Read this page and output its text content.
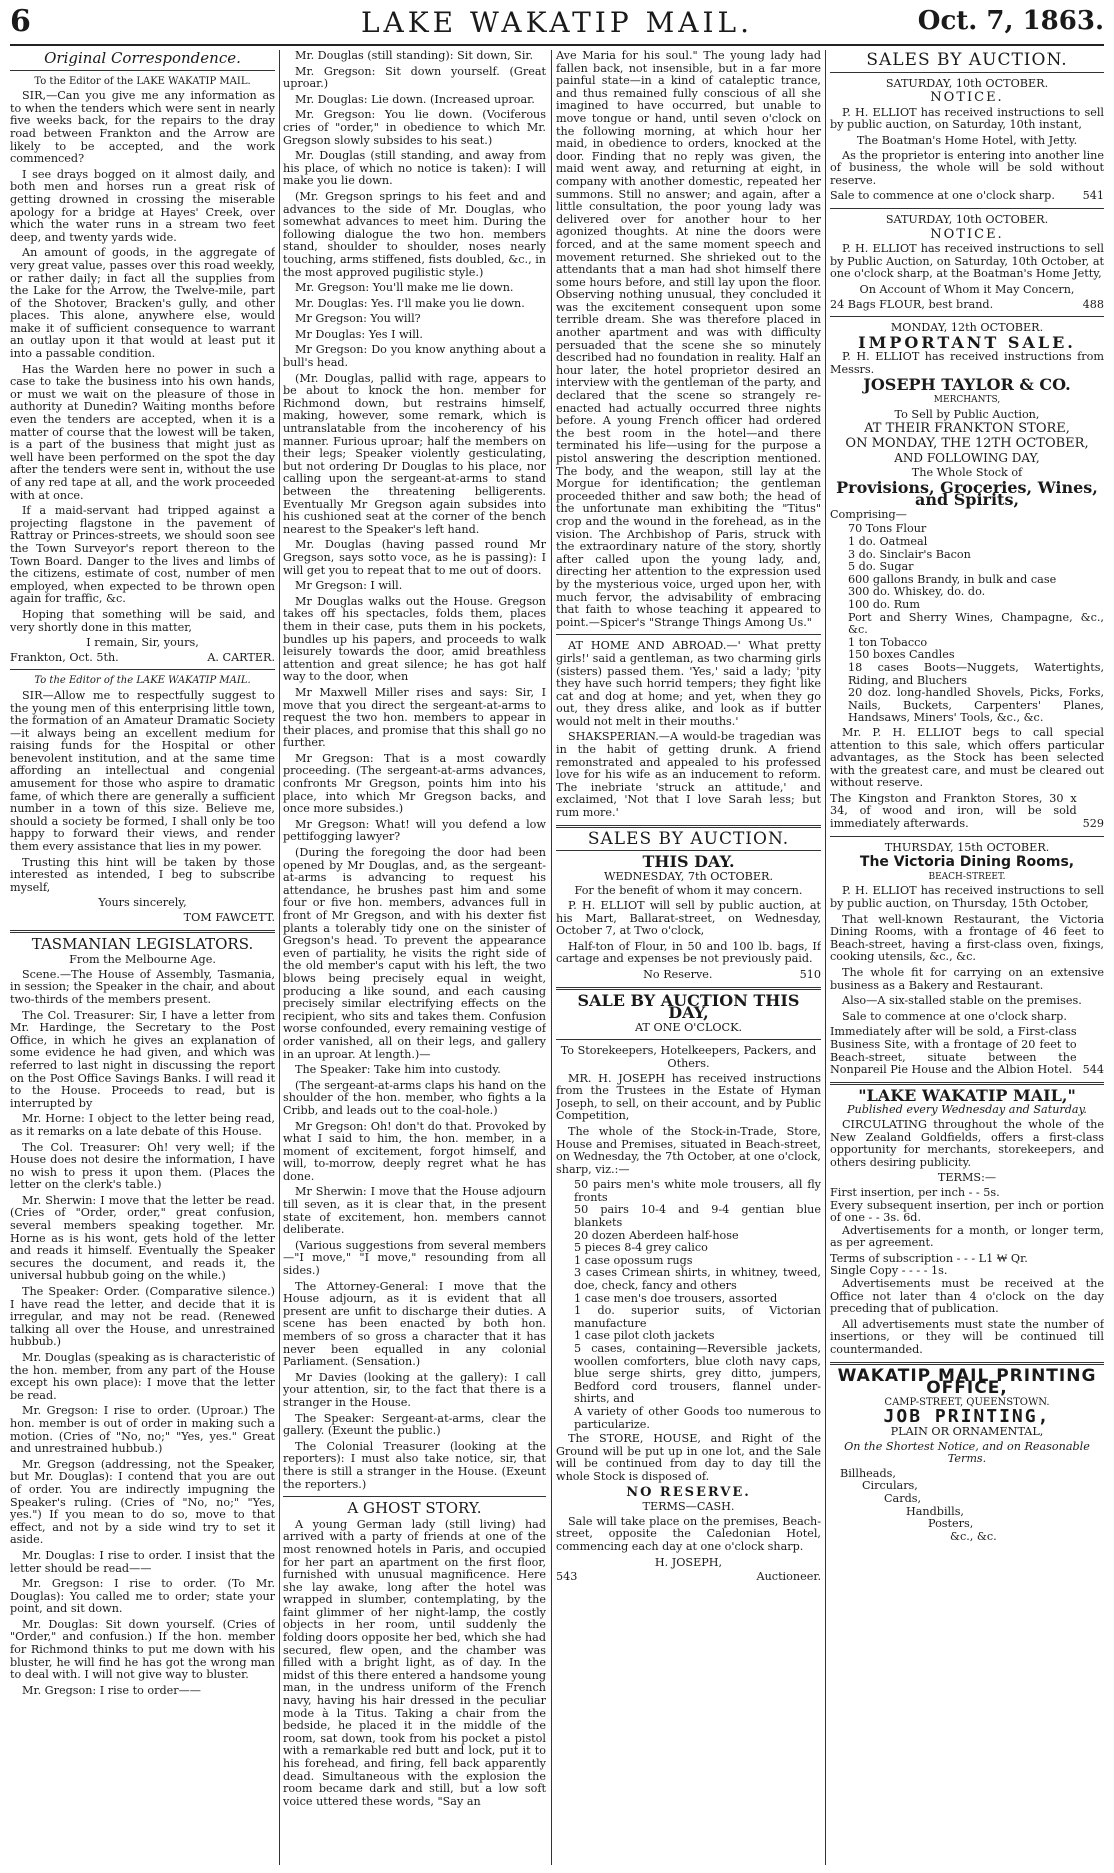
6	LAKE WAKATIP MAIL.	Oct. 7, 1863.
Original Correspondence.
To the Editor of the LAKE WAKATIP MAIL.

SIR,—Can you give me any information as to when the tenders which were sent in nearly five weeks back, for the repairs to the dray road between Frankton and the Arrow are likely to be accepted, and the work commenced?

I see drays bogged on it almost daily, and both men and horses run a great risk of getting drowned in crossing the miserable apology for a bridge at Hayes' Creek, over which the water runs in a stream two feet deep, and twenty yards wide.

An amount of goods, in the aggregate of very great value, passes over this road weekly, or rather daily; in fact all the supplies from the Lake for the Arrow, the Twelve-mile, part of the Shotover, Bracken's gully, and other places. This alone, anywhere else, would make it of sufficient consequence to warrant an outlay upon it that would at least put it into a passable condition.

Has the Warden here no power in such a case to take the business into his own hands, or must we wait on the pleasure of those in authority at Dunedin? Waiting months before even the tenders are accepted, when it is a matter of course that the lowest will be taken, is a part of the business that might just as well have been performed on the spot the day after the tenders were sent in, without the use of any red tape at all, and the work proceeded with at once.

If a maid-servant had tripped against a projecting flagstone in the pavement of Rattray or Princes-streets, we should soon see the Town Surveyor's report thereon to the Town Board. Danger to the lives and limbs of the citizens, estimate of cost, number of men employed, when expected to be thrown open again for traffic, &c.

Hoping that something will be said, and very shortly done in this matter,

I remain, Sir, yours,
Frankton, Oct. 5th.	A. CARTER.
To the Editor of the LAKE WAKATIP MAIL.

SIR—Allow me to respectfully suggest to the young men of this enterprising little town, the formation of an Amateur Dramatic Society—it always being an excellent medium for raising funds for the Hospital or other benevolent institution, and at the same time affording an intellectual and congenial amusement for those who aspire to dramatic fame, of which there are generally a sufficient number in a town of this size. Believe me, should a society be formed, I shall only be too happy to forward their views, and render them every assistance that lies in my power.

Trusting this hint will be taken by those interested as intended, I beg to subscribe myself,

Yours sincerely,
TOM FAWCETT.
TASMANIAN LEGISLATORS.
From the Melbourne Age.

Scene.—The House of Assembly, Tasmania, in session; the Speaker in the chair, and about two-thirds of the members present.

The Col. Treasurer: Sir, I have a letter from Mr. Hardinge, the Secretary to the Post Office, in which he gives an explanation of some evidence he had given, and which was referred to last night in discussing the report on the Post Office Savings Banks. I will read it to the House. Proceeds to read, but is interrupted by

Mr. Horne: I object to the letter being read, as it remarks on a late debate of this House.

The Col. Treasurer: Oh! very well; if the House does not desire the information, I have no wish to press it upon them. (Places the letter on the clerk's table.)

Mr. Sherwin: I move that the letter be read. (Cries of "Order, order," great confusion, several members speaking together. Mr. Horne as is his wont, gets hold of the letter and reads it himself. Eventually the Speaker secures the document, and reads it, the universal hubbub going on the while.)

The Speaker: Order. (Comparative silence.) I have read the letter, and decide that it is irregular, and may not be read. (Renewed talking all over the House, and unrestrained hubbub.)

Mr. Douglas (speaking as is characteristic of the hon. member, from any part of the House except his own place): I move that the letter be read.

Mr. Gregson: I rise to order. (Uproar.) The hon. member is out of order in making such a motion. (Cries of "No, no;" "Yes, yes." Great and unrestrained hubbub.)

Mr. Gregson (addressing, not the Speaker, but Mr. Douglas): I contend that you are out of order. You are indirectly impugning the Speaker's ruling. (Cries of "No, no;" "Yes, yes.") If you mean to do so, move to that effect, and not by a side wind try to set it aside.

Mr. Douglas: I rise to order. I insist that the letter should be read——

Mr. Gregson: I rise to order. (To Mr. Douglas): You called me to order; state your point, and sit down.

Mr. Douglas: Sit down yourself. (Cries of "Order," and confusion.) If the hon. member for Richmond thinks to put me down with his bluster, he will find he has got the wrong man to deal with. I will not give way to bluster.

Mr. Gregson: I rise to order——

Mr. Douglas (still standing): Sit down, Sir.

Mr. Gregson: Sit down yourself. (Great uproar.)

Mr. Douglas: Lie down. (Increased uproar.

Mr. Gregson: You lie down. (Vociferous cries of "order," in obedience to which Mr. Gregson slowly subsides to his seat.)

Mr. Douglas (still standing, and away from his place, of which no notice is taken): I will make you lie down.

(Mr. Gregson springs to his feet and and advances to the side of Mr. Douglas, who somewhat advances to meet him. During the following dialogue the two hon. members stand, shoulder to shoulder, noses nearly touching, arms stiffened, fists doubled, &c., in the most approved pugilistic style.)

Mr. Gregson: You'll make me lie down.

Mr. Douglas: Yes. I'll make you lie down.

Mr Gregson: You will?

Mr Douglas: Yes I will.

Mr Gregson: Do you know anything about a bull's head.

(Mr. Douglas, pallid with rage, appears to be about to knock the hon. member for Richmond down, but restrains himself, making, however, some remark, which is untranslatable from the incoherency of his manner. Furious uproar; half the members on their legs; Speaker violently gesticulating, but not ordering Dr Douglas to his place, nor calling upon the sergeant-at-arms to stand between the threatening belligerents. Eventually Mr Gregson again subsides into his cushioned seat at the corner of the bench nearest to the Speaker's left hand.

Mr. Douglas (having passed round Mr Gregson, says sotto voce, as he is passing): I will get you to repeat that to me out of doors.

Mr Gregson: I will.

Mr Douglas walks out the House. Gregson takes off his spectacles, folds them, places them in their case, puts them in his pockets, bundles up his papers, and proceeds to walk leisurely towards the door, amid breathless attention and great silence; he has got half way to the door, when

Mr Maxwell Miller rises and says: Sir, I move that you direct the sergeant-at-arms to request the two hon. members to appear in their places, and promise that this shall go no further.

Mr Gregson: That is a most cowardly proceeding. (The sergeant-at-arms advances, confronts Mr Gregson, points him into his place, into which Mr Gregson backs, and once more subsides.)

Mr Gregson: What! will you defend a low pettifogging lawyer?

(During the foregoing the door had been opened by Mr Douglas, and, as the sergeant-at-arms is advancing to request his attendance, he brushes past him and some four or five hon. members, advances full in front of Mr Gregson, and with his dexter fist plants a tolerably tidy one on the sinister of Gregson's head. To prevent the appearance even of partiality, he visits the right side of the old member's caput with his left, the two blows being precisely equal in weight, producing a like sound, and each causing precisely similar electrifying effects on the recipient, who sits and takes them. Confusion worse confounded, every remaining vestige of order vanished, all on their legs, and gallery in an uproar. At length.)—

The Speaker: Take him into custody.

(The sergeant-at-arms claps his hand on the shoulder of the hon. member, who fights a la Cribb, and leads out to the coal-hole.)

Mr Gregson: Oh! don't do that. Provoked by what I said to him, the hon. member, in a moment of excitement, forgot himself, and will, to-morrow, deeply regret what he has done.

Mr Sherwin: I move that the House adjourn till seven, as it is clear that, in the present state of excitement, hon. members cannot deliberate.

(Various suggestions from several members—"I move," "I move," resounding from all sides.)

The Attorney-General: I move that the House adjourn, as it is evident that all present are unfit to discharge their duties. A scene has been enacted by both hon. members of so gross a character that it has never been equalled in any colonial Parliament. (Sensation.)

Mr Davies (looking at the gallery): I call your attention, sir, to the fact that there is a stranger in the House.

The Speaker: Sergeant-at-arms, clear the gallery. (Exeunt the public.)

The Colonial Treasurer (looking at the reporters): I must also take notice, sir, that there is still a stranger in the House. (Exeunt the reporters.)

A GHOST STORY.

A young German lady (still living) had arrived with a party of friends at one of the most renowned hotels in Paris, and occupied for her part an apartment on the first floor, furnished with unusual magnificence. Here she lay awake, long after the hotel was wrapped in slumber, contemplating, by the faint glimmer of her night-lamp, the costly objects in her room, until suddenly the folding doors opposite her bed, which she had secured, flew open, and the chamber was filled with a bright light, as of day. In the midst of this there entered a handsome young man, in the undress uniform of the French navy, having his hair dressed in the peculiar mode à la Titus. Taking a chair from the bedside, he placed it in the middle of the room, sat down, took from his pocket a pistol with a remarkable red butt and lock, put it to his forehead, and firing, fell back apparently dead. Simultaneous with the explosion the room became dark and still, but a low soft voice uttered these words, "Say an

Ave Maria for his soul." The young lady had fallen back, not insensible, but in a far more painful state—in a kind of cataleptic trance, and thus remained fully conscious of all she imagined to have occurred, but unable to move tongue or hand, until seven o'clock on the following morning, at which hour her maid, in obedience to orders, knocked at the door. Finding that no reply was given, the maid went away, and returning at eight, in company with another domestic, repeated her summons. Still no answer; and again, after a little consultation, the poor young lady was delivered over for another hour to her agonized thoughts. At nine the doors were forced, and at the same moment speech and movement returned. She shrieked out to the attendants that a man had shot himself there some hours before, and still lay upon the floor. Observing nothing unusual, they concluded it was the excitement consequent upon some terrible dream. She was therefore placed in another apartment and was with difficulty persuaded that the scene she so minutely described had no foundation in reality. Half an hour later, the hotel proprietor desired an interview with the gentleman of the party, and declared that the scene so strangely re-enacted had actually occurred three nights before. A young French officer had ordered the best room in the hotel—and there terminated his life—using for the purpose a pistol answering the description mentioned. The body, and the weapon, still lay at the Morgue for identification; the gentleman proceeded thither and saw both; the head of the unfortunate man exhibiting the "Titus" crop and the wound in the forehead, as in the vision. The Archbishop of Paris, struck with the extraordinary nature of the story, shortly after called upon the young lady, and, directing her attention to the expression used by the mysterious voice, urged upon her, with much fervor, the advisability of embracing that faith to whose teaching it appeared to point.—Spicer's "Strange Things Among Us."

AT HOME AND ABROAD.—' What pretty girls!' said a gentleman, as two charming girls (sisters) passed them. 'Yes,' said a lady; 'pity they have such horrid tempers; they fight like cat and dog at home; and yet, when they go out, they dress alike, and look as if butter would not melt in their mouths.'

SHAKSPERIAN.—A would-be tragedian was in the habit of getting drunk. A friend remonstrated and appealed to his professed love for his wife as an inducement to reform. The inebriate 'struck an attitude,' and exclaimed, 'Not that I love Sarah less; but rum more.'

SALES BY AUCTION.
THIS DAY.
WEDNESDAY, 7th OCTOBER.
For the benefit of whom it may concern.

P. H. ELLIOT will sell by public auction, at his Mart, Ballarat-street, on Wednesday, October 7, at Two o'clock,

Half-ton of Flour, in 50 and 100 lb. bags, If cartage and expenses be not previously paid.

No Reserve.	510
SALE BY AUCTION THIS DAY,
AT ONE O'CLOCK.
To Storekeepers, Hotelkeepers, Packers, and Others.

MR. H. JOSEPH has received instructions from the Trustees in the Estate of Hyman Joseph, to sell, on their account, and by Public Competition,

The whole of the Stock-in-Trade, Store, House and Premises, situated in Beach-street, on Wednesday, the 7th October, at one o'clock, sharp, viz.:—

50 pairs men's white mole trousers, all fly fronts
50 pairs 10-4 and 9-4 gentian blue blankets
20 dozen Aberdeen half-hose
5 pieces 8-4 grey calico
1 case opossum rugs
3 cases Crimean shirts, in whitney, tweed, doe, check, fancy and others
1 case men's doe trousers, assorted
1 do. superior suits, of Victorian manufacture
1 case pilot cloth jackets
5 cases, containing—Reversible jackets, woollen comforters, blue cloth navy caps, blue serge shirts, grey ditto, jumpers, Bedford cord trousers, flannel under-shirts, and
A variety of other Goods too numerous to particularize.

The STORE, HOUSE, and Right of the Ground will be put up in one lot, and the Sale will be continued from day to day till the whole Stock is disposed of.

NO RESERVE.
TERMS—CASH.

Sale will take place on the premises, Beach-street, opposite the Caledonian Hotel, commencing each day at one o'clock sharp.

H. JOSEPH,
543	Auctioneer.
SALES BY AUCTION.
SATURDAY, 10th OCTOBER.
NOTICE.

P. H. ELLIOT has received instructions to sell by public auction, on Saturday, 10th instant,

The Boatman's Home Hotel, with Jetty.

As the proprietor is entering into another line of business, the whole will be sold without reserve.

Sale to commence at one o'clock sharp. 541
SATURDAY, 10th OCTOBER.
NOTICE.

P. H. ELLIOT has received instructions to sell by Public Auction, on Saturday, 10th October, at one o'clock sharp, at the Boatman's Home Jetty,

On Account of Whom it May Concern,
24 Bags FLOUR, best brand.	488
MONDAY, 12th OCTOBER.
IMPORTANT SALE.

P. H. ELLIOT has received instructions from Messrs.

JOSEPH TAYLOR & CO.
MERCHANTS,
To Sell by Public Auction,
AT THEIR FRANKTON STORE,
ON MONDAY, THE 12TH OCTOBER,
AND FOLLOWING DAY,
The Whole Stock of
Provisions, Groceries, Wines, and Spirits,
Comprising—
70 Tons Flour
1 do. Oatmeal
3 do. Sinclair's Bacon
5 do. Sugar
600 gallons Brandy, in bulk and case
300 do. Whiskey, do. do.
100 do. Rum
Port and Sherry Wines, Champagne, &c., &c.
1 ton Tobacco
150 boxes Candles
18 cases Boots—Nuggets, Watertights, Riding, and Bluchers
20 doz. long-handled Shovels, Picks, Forks, Nails, Buckets, Carpenters' Planes, Handsaws, Miners' Tools, &c., &c.

Mr. P. H. ELLIOT begs to call special attention to this sale, which offers particular advantages, as the Stock has been selected with the greatest care, and must be cleared out without reserve.

The Kingston and Frankton Stores, 30 x 34, of wood and iron, will be sold immediately afterwards.	529
THURSDAY, 15th OCTOBER.
The Victoria Dining Rooms,
BEACH-STREET.

P. H. ELLIOT has received instructions to sell by public auction, on Thursday, 15th October,

That well-known Restaurant, the Victoria Dining Rooms, with a frontage of 46 feet to Beach-street, having a first-class oven, fixings, cooking utensils, &c., &c.

The whole fit for carrying on an extensive business as a Bakery and Restaurant.

Also—A six-stalled stable on the premises.

Sale to commence at one o'clock sharp.

Immediately after will be sold, a First-class Business Site, with a frontage of 20 feet to Beach-street, situate between the Nonpareil Pie House and the Albion Hotel. 544
"LAKE WAKATIP MAIL,"
Published every Wednesday and Saturday.

CIRCULATING throughout the whole of the New Zealand Goldfields, offers a first-class opportunity for merchants, storekeepers, and others desiring publicity.

TERMS:—
First insertion, per inch - - 5s.
Every subsequent insertion, per inch or portion of one - - 3s. 6d.

Advertisements for a month, or longer term, as per agreement.

Terms of subscription - - - L1 ₩ Qr.
Single Copy - - - - 1s.

Advertisements must be received at the Office not later than 4 o'clock on the day preceding that of publication.

All advertisements must state the number of insertions, or they will be continued till countermanded.

WAKATIP MAIL PRINTING OFFICE,
CAMP-STREET, QUEENSTOWN.
JOB PRINTING,
PLAIN OR ORNAMENTAL,
On the Shortest Notice, and on Reasonable Terms.
Billheads,
Circulars,
Cards,
Handbills,
Posters,
&c., &c.
